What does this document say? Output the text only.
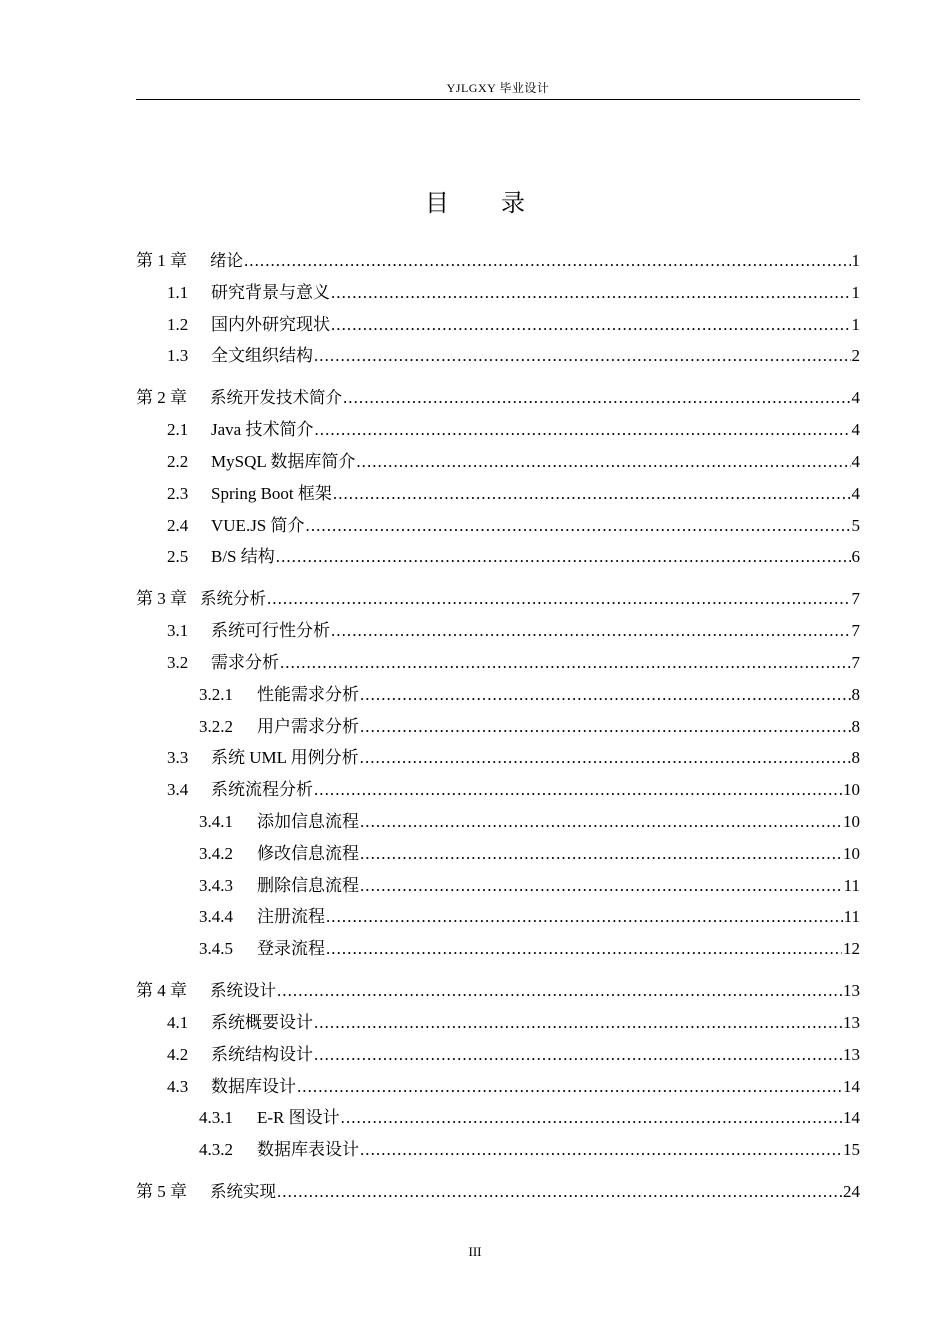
YJLGXY 毕业设计
目 录
第 1 章	绪论 . . .	1
1.1	研究背景与意义 . . .	1
1.2	国内外研究现状 . . .	1
1.3	全文组织结构 . . .	2
第 2 章	系统开发技术简介 . . .	4
2.1	Java 技术简介 . . .	4
2.2	MySQL 数据库简介 . . .	4
2.3	Spring Boot 框架 . . .	4
2.4	VUE.JS 简介 . . .	5
2.5	B/S 结构 . . .	6
第 3 章 系统分析 . . .	7
3.1	系统可行性分析 . . .	7
3.2	需求分析 . . .	7
3.2.1	性能需求分析 . . .	8
3.2.2	用户需求分析 . . .	8
3.3	系统 UML 用例分析 . . .	8
3.4	系统流程分析 . . .	10
3.4.1	添加信息流程 . . .	10
3.4.2	修改信息流程 . . .	10
3.4.3	删除信息流程 . . .	11
3.4.4	注册流程 . . .	11
3.4.5	登录流程 . . .	12
第 4 章	系统设计 . . .	13
4.1	系统概要设计 . . .	13
4.2	系统结构设计 . . .	13
4.3	数据库设计 . . .	14
4.3.1	E-R 图设计 . . .	14
4.3.2	数据库表设计 . . .	15
第 5 章	系统实现 . . .	24
III
